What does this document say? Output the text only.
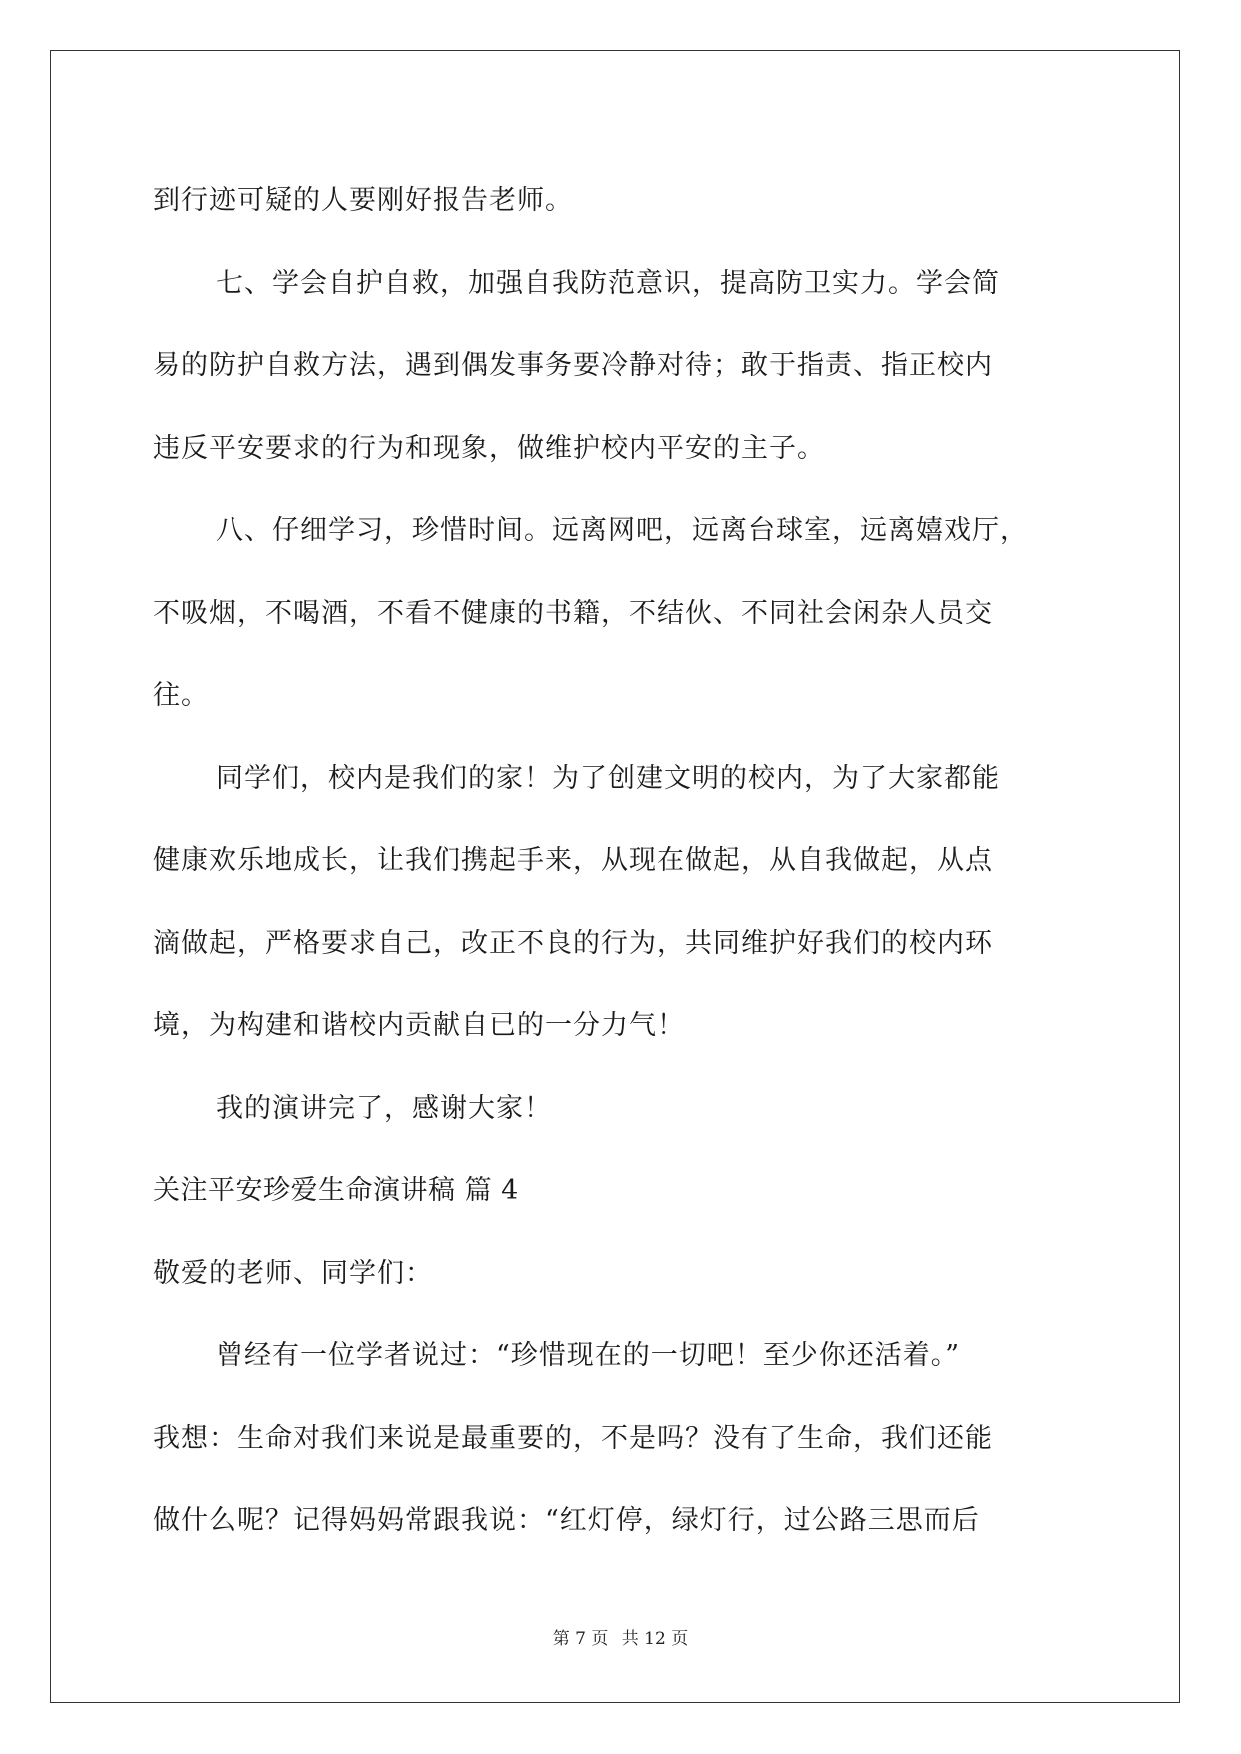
到行迹可疑的人要刚好报告老师。
七、学会自护自救，加强自我防范意识，提高防卫实力。学会简
易的防护自救方法，遇到偶发事务要冷静对待；敢于指责、指正校内
违反平安要求的行为和现象，做维护校内平安的主子。
八、仔细学习，珍惜时间。远离网吧，远离台球室，远离嬉戏厅，
不吸烟，不喝酒，不看不健康的书籍，不结伙、不同社会闲杂人员交
往。
同学们，校内是我们的家！为了创建文明的校内，为了大家都能
健康欢乐地成长，让我们携起手来，从现在做起，从自我做起，从点
滴做起，严格要求自己，改正不良的行为，共同维护好我们的校内环
境，为构建和谐校内贡献自已的一分力气！
我的演讲完了，感谢大家！
关注平安珍爱生命演讲稿 篇 4
敬爱的老师、同学们：
曾经有一位学者说过：“珍惜现在的一切吧！至少你还活着。”
我想：生命对我们来说是最重要的，不是吗？没有了生命，我们还能
做什么呢？记得妈妈常跟我说：“红灯停，绿灯行，过公路三思而后
第 7 页 共 12 页
